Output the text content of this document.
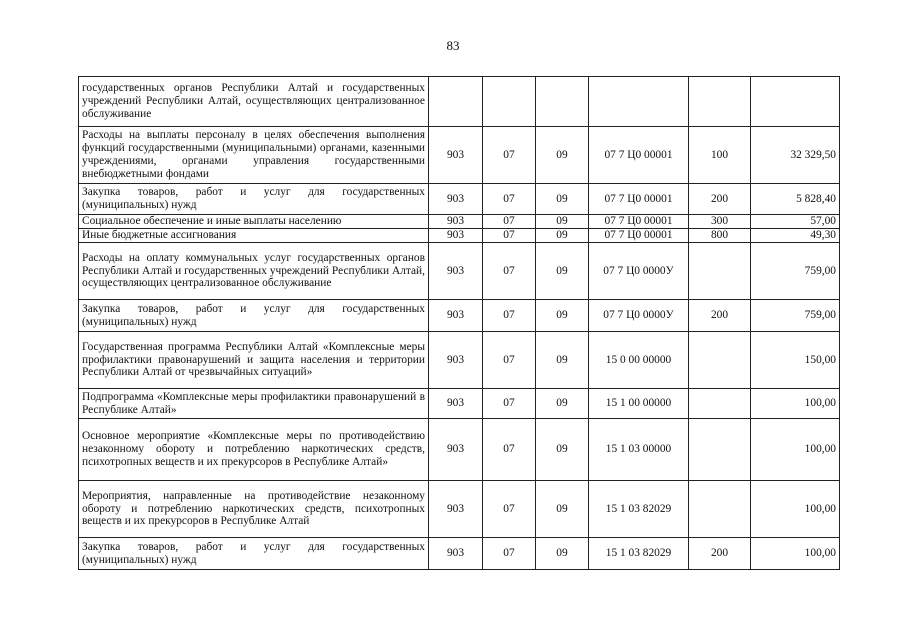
83
государственных органов Республики Алтай и государственных учреждений Республики Алтай, осуществляющих централизованное обслуживание						
Расходы на выплаты персоналу в целях обеспечения выполнения функций государственными (муниципальными) органами, казенными учреждениями, органами управления государственными внебюджетными фондами	903	07	09	07 7 Ц0 00001	100	32 329,50
Закупка товаров, работ и услуг для государственных (муниципальных) нужд	903	07	09	07 7 Ц0 00001	200	5 828,40
Социальное обеспечение и иные выплаты населению	903	07	09	07 7 Ц0 00001	300	57,00
Иные бюджетные ассигнования	903	07	09	07 7 Ц0 00001	800	49,30
Расходы на оплату коммунальных услуг государственных органов Республики Алтай и государственных учреждений Республики Алтай, осуществляющих централизованное обслуживание	903	07	09	07 7 Ц0 0000У		759,00
Закупка товаров, работ и услуг для государственных (муниципальных) нужд	903	07	09	07 7 Ц0 0000У	200	759,00
Государственная программа Республики Алтай «Комплексные меры профилактики правонарушений и защита населения и территории Республики Алтай от чрезвычайных ситуаций»	903	07	09	15 0 00 00000		150,00
Подпрограмма «Комплексные меры профилактики правонарушений в Республике Алтай»	903	07	09	15 1 00 00000		100,00
Основное мероприятие «Комплексные меры по противодействию незаконному обороту и потреблению наркотических средств, психотропных веществ и их прекурсоров в Республике Алтай»	903	07	09	15 1 03 00000		100,00
Мероприятия, направленные на противодействие незаконному обороту и потреблению наркотических средств, психотропных веществ и их прекурсоров в Республике Алтай	903	07	09	15 1 03 82029		100,00
Закупка товаров, работ и услуг для государственных (муниципальных) нужд	903	07	09	15 1 03 82029	200	100,00
